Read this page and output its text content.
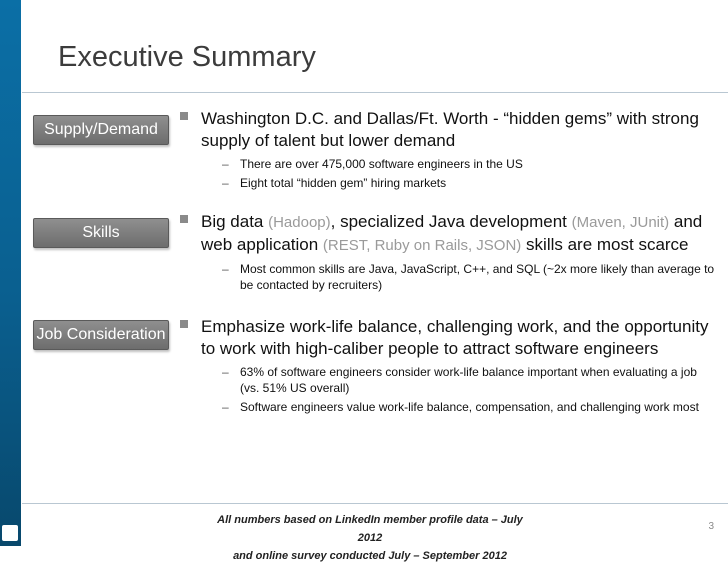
Executive Summary
Supply/Demand
Washington D.C. and Dallas/Ft. Worth - “hidden gems” with strong supply of talent but lower demand
– There are over 475,000 software engineers in the US
– Eight total “hidden gem” hiring markets
Skills
Big data (Hadoop), specialized Java development (Maven, JUnit) and web application (REST, Ruby on Rails, JSON) skills are most scarce
– Most common skills are Java, JavaScript, C++, and SQL (~2x more likely than average to be contacted by recruiters)
Job Consideration	Emphasize work-life balance, challenging work, and the opportunity to work with high-caliber people to attract software engineers
– 63% of software engineers consider work-life balance important when evaluating a job (vs. 51% US overall)
– Software engineers value work-life balance, compensation, and challenging work most
All numbers based on LinkedIn member profile data – July 2012
and online survey conducted July – September 2012
3
